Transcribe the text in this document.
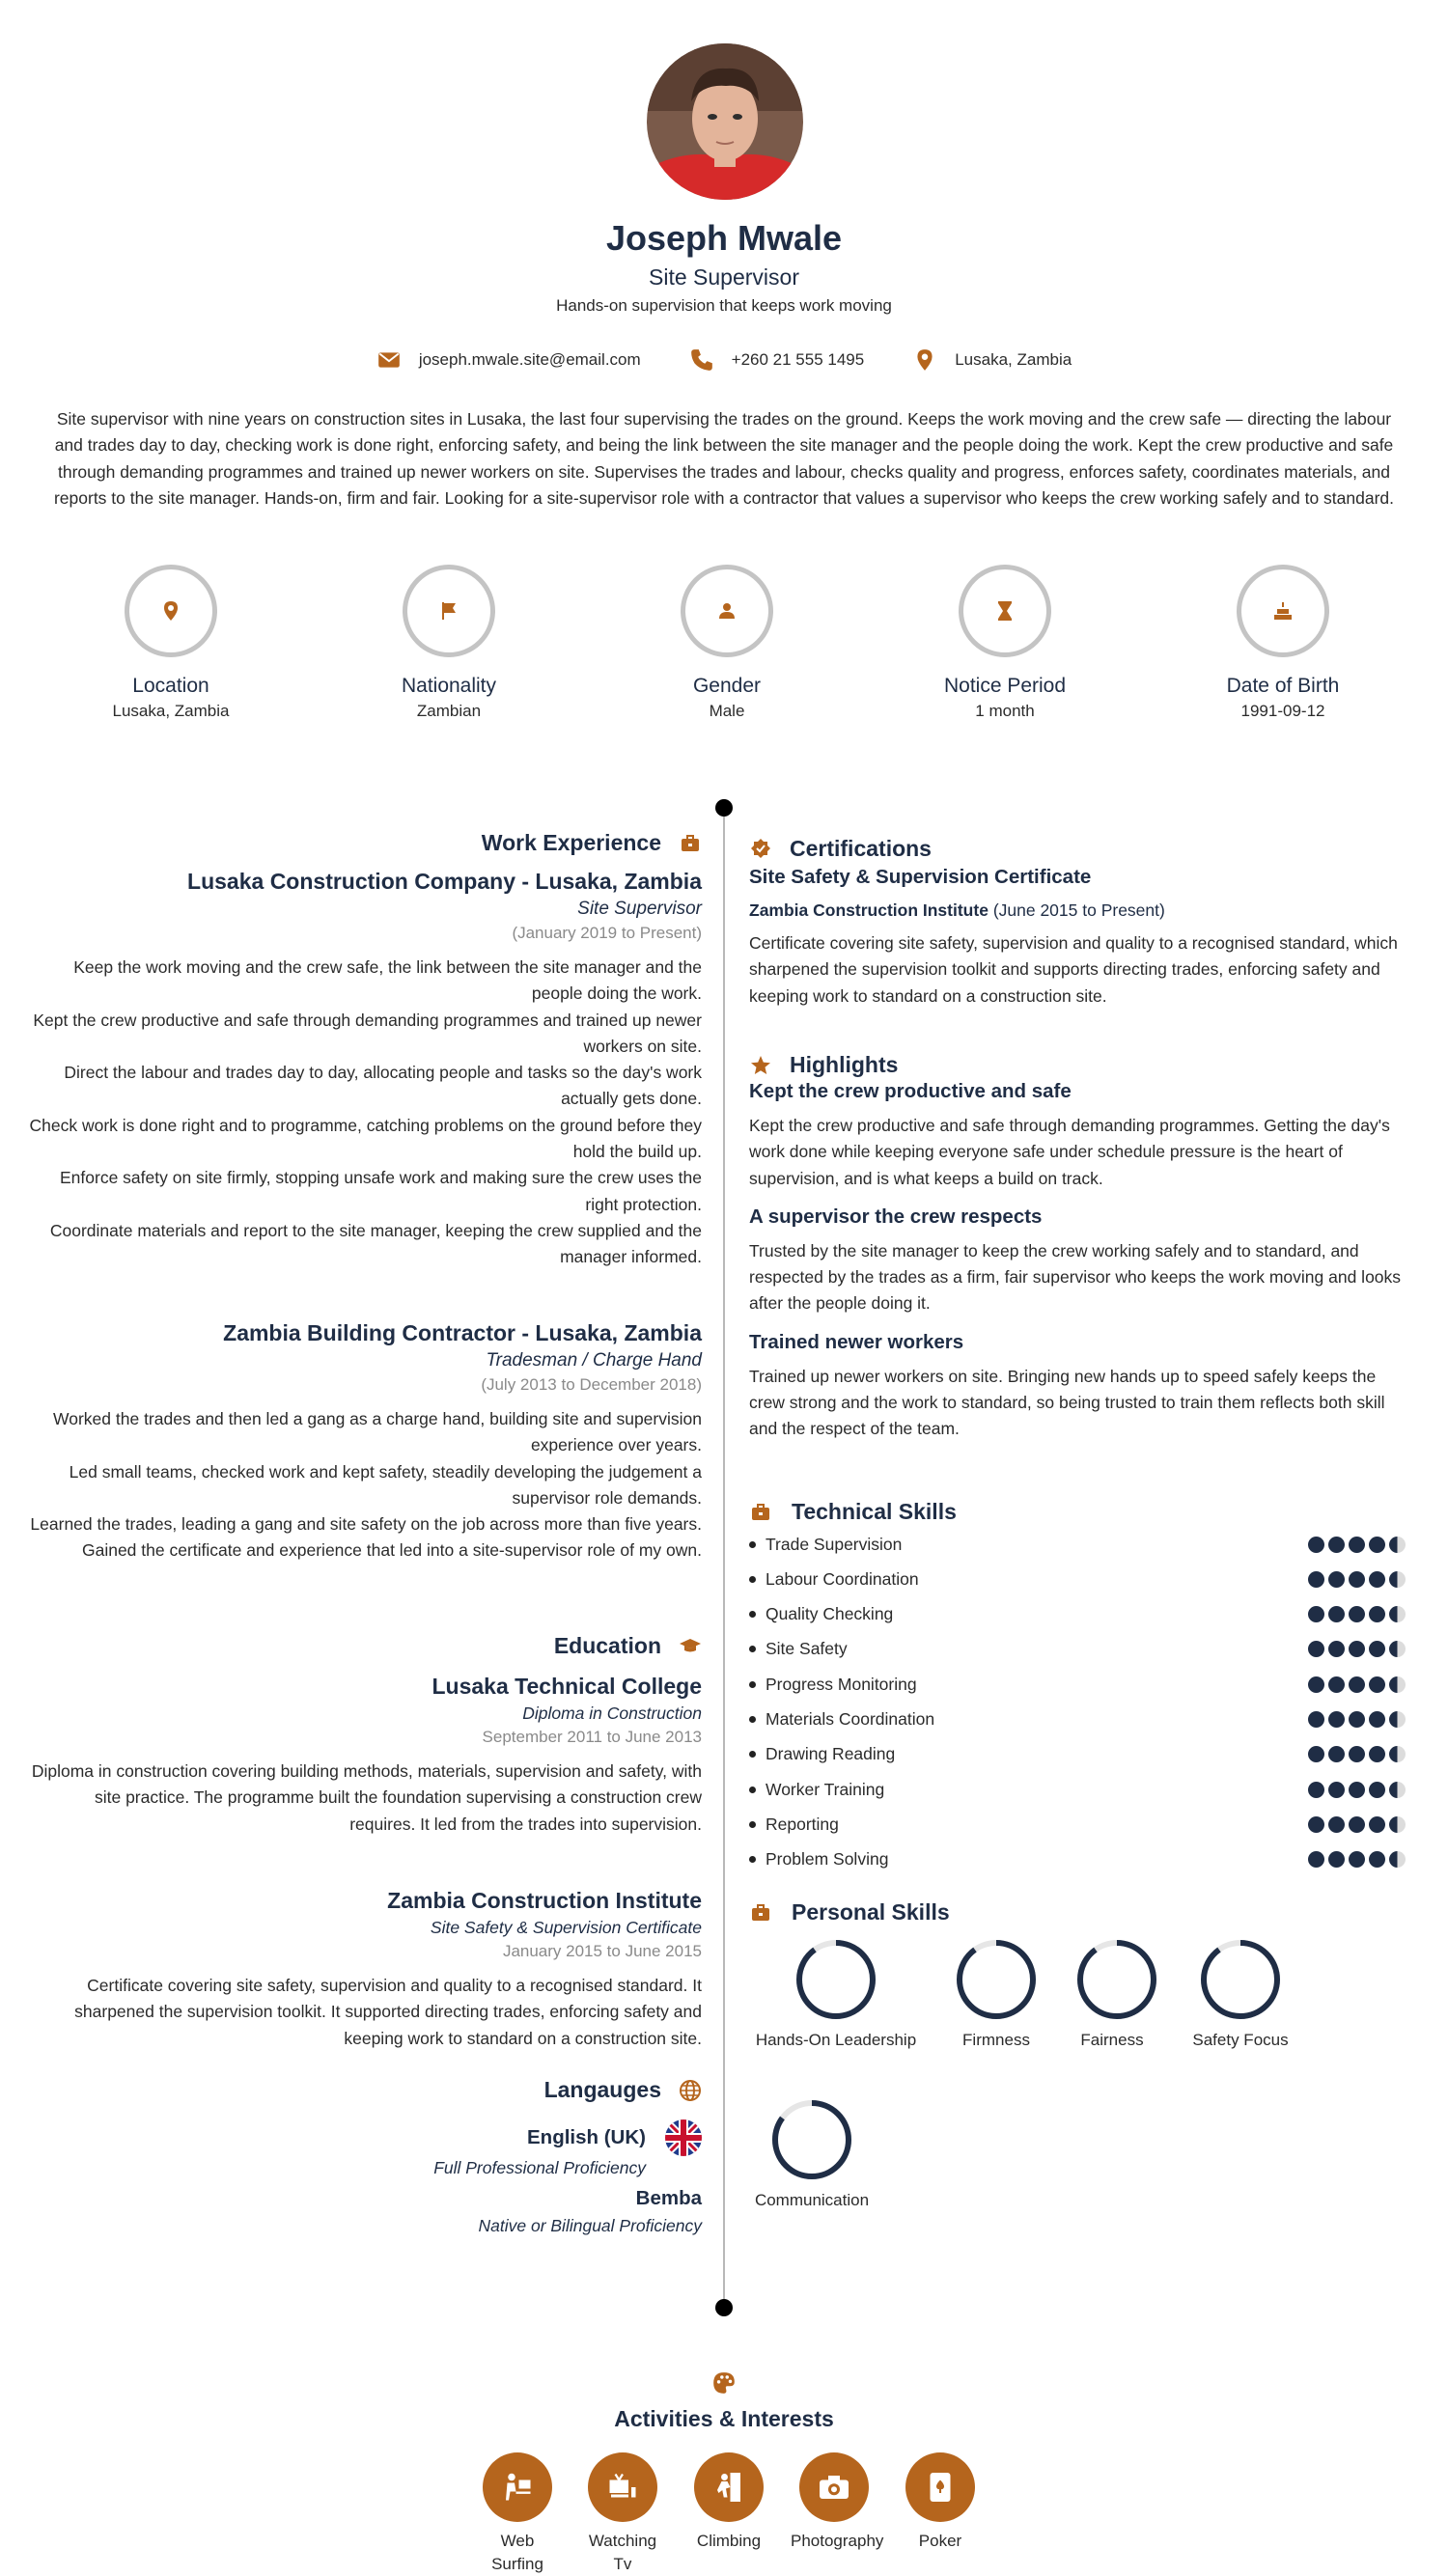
Joseph Mwale
Site Supervisor
Hands-on supervision that keeps work moving
joseph.mwale.site@email.com	+260 21 555 1495	Lusaka, Zambia
Site supervisor with nine years on construction sites in Lusaka, the last four supervising the trades on the ground. Keeps the work moving and the crew safe — directing the labour and trades day to day, checking work is done right, enforcing safety, and being the link between the site manager and the people doing the work. Kept the crew productive and safe through demanding programmes and trained up newer workers on site. Supervises the trades and labour, checks quality and progress, enforces safety, coordinates materials, and reports to the site manager. Hands-on, firm and fair. Looking for a site-supervisor role with a contractor that values a supervisor who keeps the crew working safely and to standard.
Location
Lusaka, Zambia
Nationality
Zambian
Gender
Male
Notice Period
1 month
Date of Birth
1991-09-12
Work Experience
Lusaka Construction Company - Lusaka, Zambia
Site Supervisor
(January 2019 to Present)
Keep the work moving and the crew safe, the link between the site manager and the people doing the work.
Kept the crew productive and safe through demanding programmes and trained up newer workers on site.
Direct the labour and trades day to day, allocating people and tasks so the day's work actually gets done.
Check work is done right and to programme, catching problems on the ground before they hold the build up.
Enforce safety on site firmly, stopping unsafe work and making sure the crew uses the right protection.
Coordinate materials and report to the site manager, keeping the crew supplied and the manager informed.
Zambia Building Contractor - Lusaka, Zambia
Tradesman / Charge Hand
(July 2013 to December 2018)
Worked the trades and then led a gang as a charge hand, building site and supervision experience over years.
Led small teams, checked work and kept safety, steadily developing the judgement a supervisor role demands.
Learned the trades, leading a gang and site safety on the job across more than five years.
Gained the certificate and experience that led into a site-supervisor role of my own.
Education
Lusaka Technical College
Diploma in Construction
September 2011 to June 2013
Diploma in construction covering building methods, materials, supervision and safety, with site practice. The programme built the foundation supervising a construction crew requires. It led from the trades into supervision.
Zambia Construction Institute
Site Safety & Supervision Certificate
January 2015 to June 2015
Certificate covering site safety, supervision and quality to a recognised standard. It sharpened the supervision toolkit. It supported directing trades, enforcing safety and keeping work to standard on a construction site.
Langauges
English (UK)
Full Professional Proficiency
Bemba
Native or Bilingual Proficiency
Certifications
Site Safety & Supervision Certificate
Zambia Construction Institute (June 2015 to Present)
Certificate covering site safety, supervision and quality to a recognised standard, which sharpened the supervision toolkit and supports directing trades, enforcing safety and keeping work to standard on a construction site.
Highlights
Kept the crew productive and safe
Kept the crew productive and safe through demanding programmes. Getting the day's work done while keeping everyone safe under schedule pressure is the heart of supervision, and is what keeps a build on track.
A supervisor the crew respects
Trusted by the site manager to keep the crew working safely and to standard, and respected by the trades as a firm, fair supervisor who keeps the work moving and looks after the people doing it.
Trained newer workers
Trained up newer workers on site. Bringing new hands up to speed safely keeps the crew strong and the work to standard, so being trusted to train them reflects both skill and the respect of the team.
Technical Skills
Trade Supervision
Labour Coordination
Quality Checking
Site Safety
Progress Monitoring
Materials Coordination
Drawing Reading
Worker Training
Reporting
Problem Solving
Personal Skills
Hands-On Leadership	Firmness	Fairness	Safety Focus
Communication
Activities & Interests
Web Surfing
Watching Tv
Climbing	Photography	Poker
